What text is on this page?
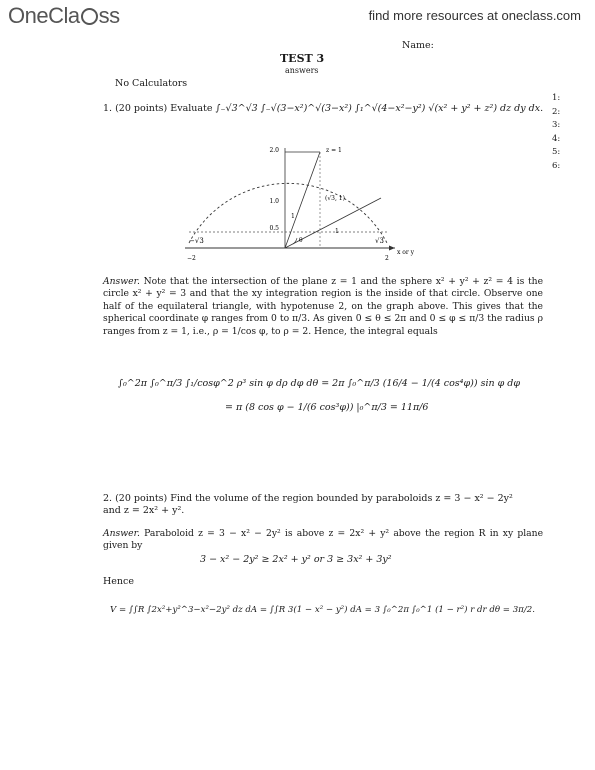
OneCla ss	find more resources at oneclass.com
Name:
TEST 3
answers
No Calculators
1:
2:
3:
4:
5:
6:
1. (20 points) Evaluate ∫₋√3^√3 ∫₋√(3−x²)^√(3−x²) ∫₁^√(4−x²−y²) √(x² + y² + z²) dz dy dx.
2.0	z = 1
1.0
0.5
x or y
−√3	√3
−2	2
1
1
(√3, 1)
θ
Answer. Note that the intersection of the plane z = 1 and the sphere x² + y² + z² = 4 is the circle x² + y² = 3 and that the xy integration region is the inside of that circle. Observe one half of the equilateral triangle, with hypotenuse 2, on the graph above. This gives that the spherical coordinate φ ranges from 0 to π/3. As given 0 ≤ θ ≤ 2π and 0 ≤ φ ≤ π/3 the radius ρ ranges from z = 1, i.e., ρ = 1/cos φ, to ρ = 2. Hence, the integral equals
∫₀^2π ∫₀^π/3 ∫₁/cosφ^2 ρ³ sin φ dρ dφ dθ = 2π ∫₀^π/3 (16/4 − 1/(4 cos⁴φ)) sin φ dφ
= π (8 cos φ − 1/(6 cos³φ)) |₀^π/3 = 11π/6
2. (20 points) Find the volume of the region bounded by paraboloids z = 3 − x² − 2y²
and z = 2x² + y².
Answer. Paraboloid z = 3 − x² − 2y² is above z = 2x² + y² above the region R in xy plane given by
3 − x² − 2y² ≥ 2x² + y² or 3 ≥ 3x² + 3y²
Hence
V = ∫∫R ∫2x²+y²^3−x²−2y² dz dA = ∫∫R 3(1 − x² − y²) dA = 3 ∫₀^2π ∫₀^1 (1 − r²) r dr dθ = 3π/2.
